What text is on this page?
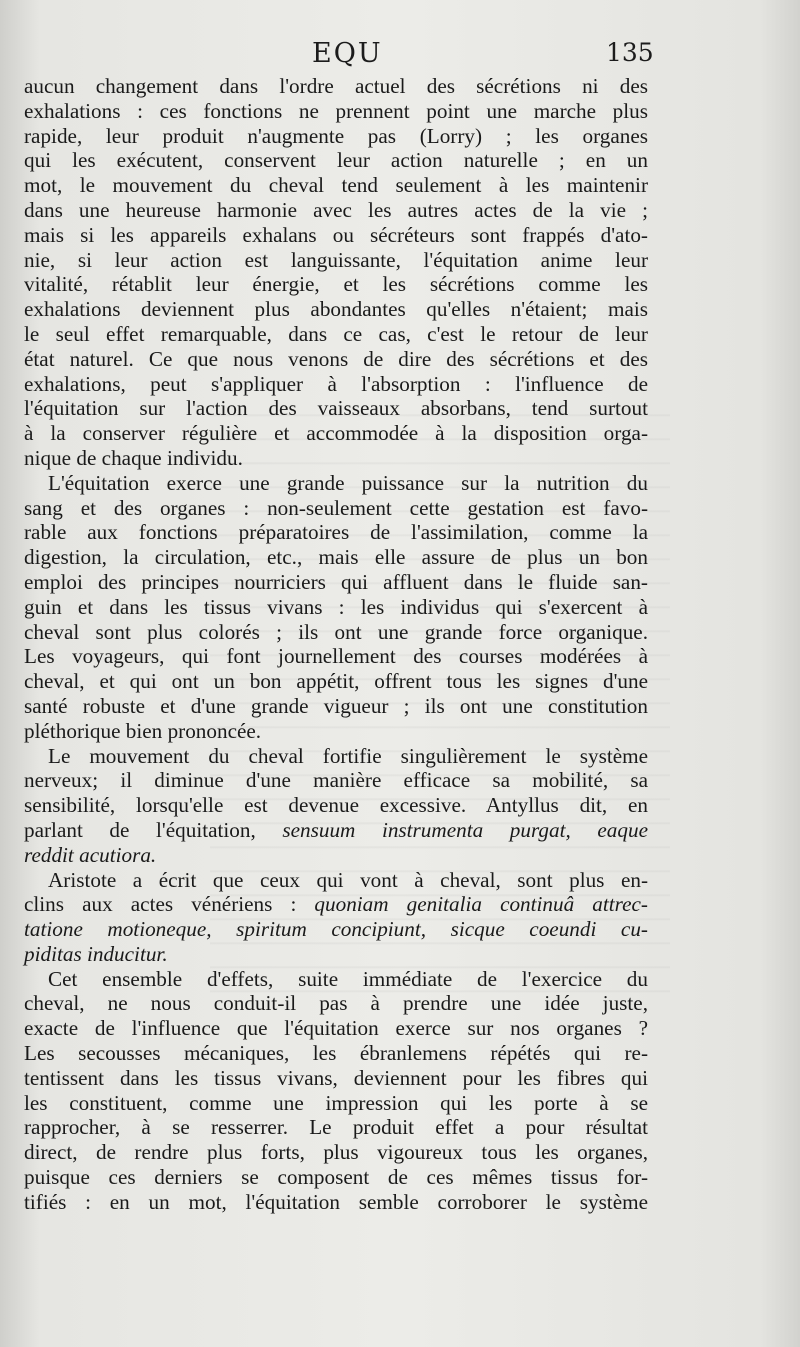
EQU	135

aucun changement dans l'ordre actuel des sécrétions ni des
exhalations : ces fonctions ne prennent point une marche plus
rapide, leur produit n'augmente pas (Lorry) ; les organes
qui les exécutent, conservent leur action naturelle ; en un
mot, le mouvement du cheval tend seulement à les maintenir
dans une heureuse harmonie avec les autres actes de la vie ;
mais si les appareils exhalans ou sécréteurs sont frappés d'ato-
nie, si leur action est languissante, l'équitation anime leur
vitalité, rétablit leur énergie, et les sécrétions comme les
exhalations deviennent plus abondantes qu'elles n'étaient; mais
le seul effet remarquable, dans ce cas, c'est le retour de leur
état naturel. Ce que nous venons de dire des sécrétions et des
exhalations, peut s'appliquer à l'absorption : l'influence de
l'équitation sur l'action des vaisseaux absorbans, tend surtout
à la conserver régulière et accommodée à la disposition orga-
nique de chaque individu.

L'équitation exerce une grande puissance sur la nutrition du
sang et des organes : non-seulement cette gestation est favo-
rable aux fonctions préparatoires de l'assimilation, comme la
digestion, la circulation, etc., mais elle assure de plus un bon
emploi des principes nourriciers qui affluent dans le fluide san-
guin et dans les tissus vivans : les individus qui s'exercent à
cheval sont plus colorés ; ils ont une grande force organique.
Les voyageurs, qui font journellement des courses modérées à
cheval, et qui ont un bon appétit, offrent tous les signes d'une
santé robuste et d'une grande vigueur ; ils ont une constitution
pléthorique bien prononcée.

Le mouvement du cheval fortifie singulièrement le système
nerveux; il diminue d'une manière efficace sa mobilité, sa
sensibilité, lorsqu'elle est devenue excessive. Antyllus dit, en
parlant de l'équitation, sensuum instrumenta purgat, eaque
reddit acutiora.

Aristote a écrit que ceux qui vont à cheval, sont plus en-
clins aux actes vénériens : quoniam genitalia continuâ attrec-
tatione motioneque, spiritum concipiunt, sicque coeundi cu-
piditas inducitur.

Cet ensemble d'effets, suite immédiate de l'exercice du
cheval, ne nous conduit-il pas à prendre une idée juste,
exacte de l'influence que l'équitation exerce sur nos organes ?
Les secousses mécaniques, les ébranlemens répétés qui re-
tentissent dans les tissus vivans, deviennent pour les fibres qui
les constituent, comme une impression qui les porte à se
rapprocher, à se resserrer. Le produit effet a pour résultat
direct, de rendre plus forts, plus vigoureux tous les organes,
puisque ces derniers se composent de ces mêmes tissus for-
tifiés : en un mot, l'équitation semble corroborer le système
